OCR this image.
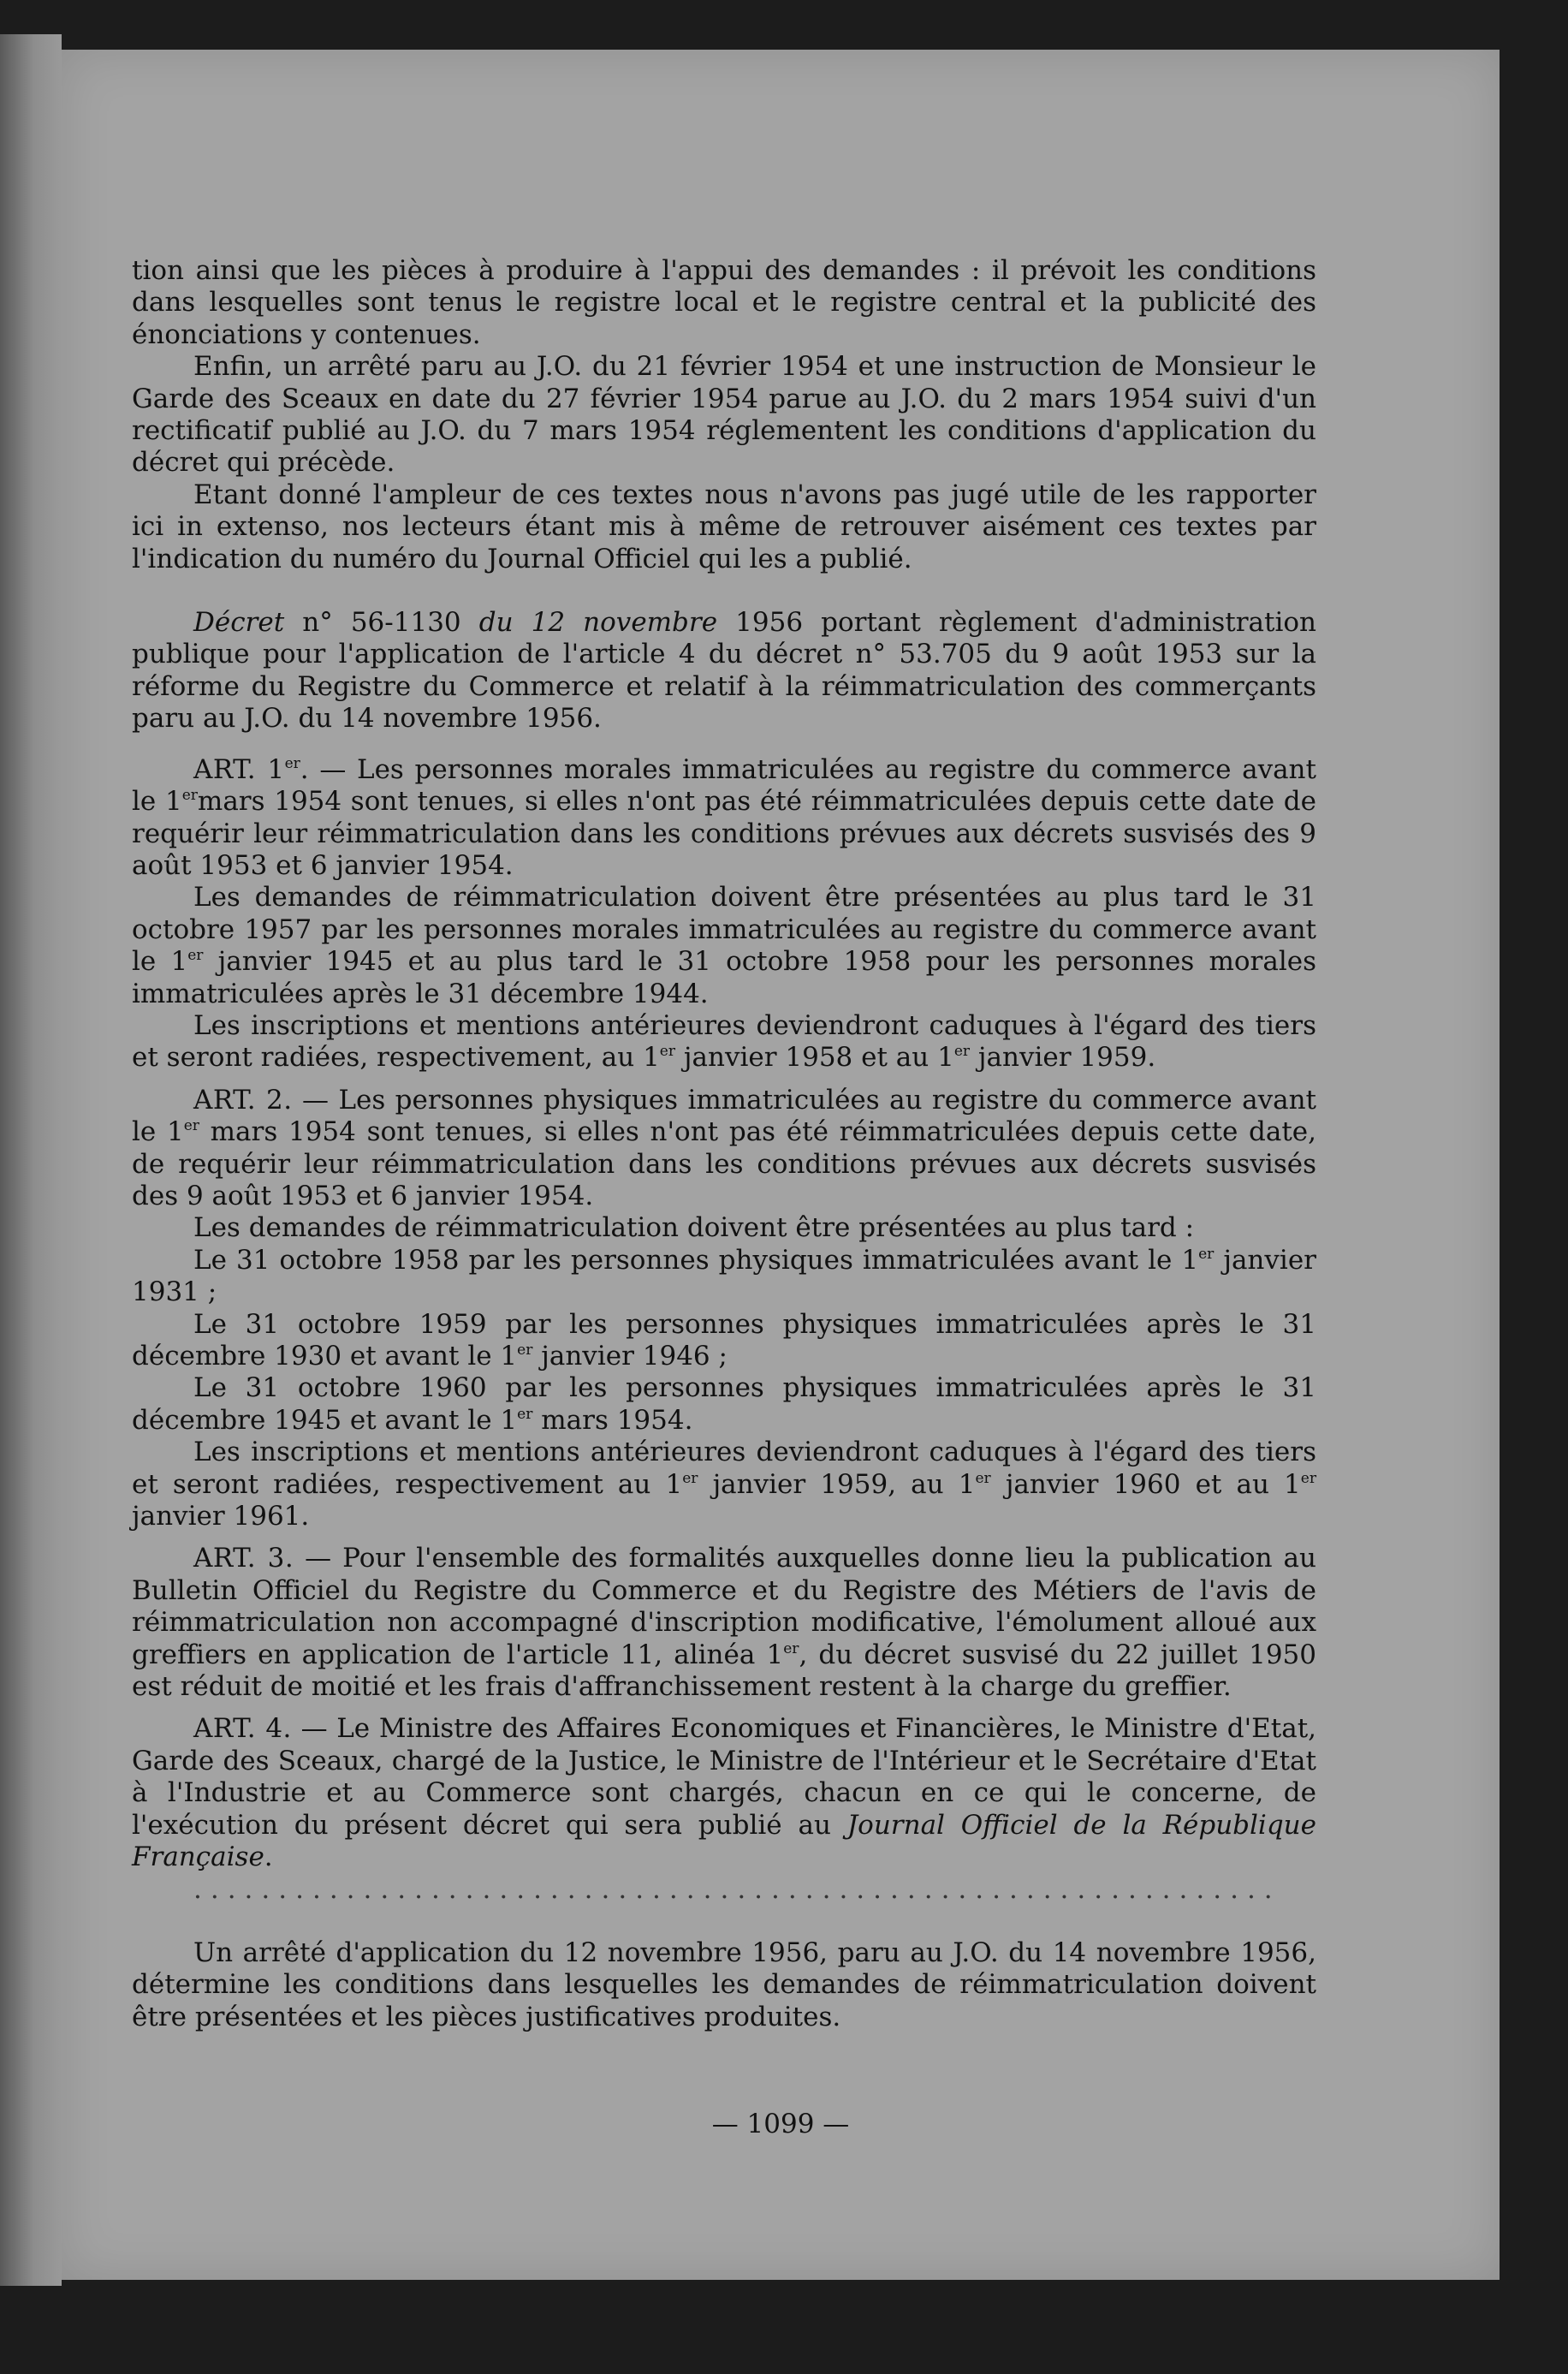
tion ainsi que les pièces à produire à l'appui des demandes : il prévoit les conditions dans lesquelles sont tenus le registre local et le registre central et la publicité des énonciations y contenues.

Enfin, un arrêté paru au J.O. du 21 février 1954 et une instruction de Monsieur le Garde des Sceaux en date du 27 février 1954 parue au J.O. du 2 mars 1954 suivi d'un rectificatif publié au J.O. du 7 mars 1954 réglementent les conditions d'application du décret qui précède.

Etant donné l'ampleur de ces textes nous n'avons pas jugé utile de les rapporter ici in extenso, nos lecteurs étant mis à même de retrouver aisément ces textes par l'indication du numéro du Journal Officiel qui les a publié.

Décret n° 56-1130 du 12 novembre 1956 portant règlement d'administration publique pour l'application de l'article 4 du décret n° 53.705 du 9 août 1953 sur la réforme du Registre du Commerce et relatif à la réimmatriculation des commerçants paru au J.O. du 14 novembre 1956.

ART. 1er. — Les personnes morales immatriculées au registre du commerce avant le 1ermars 1954 sont tenues, si elles n'ont pas été réimmatriculées depuis cette date de requérir leur réimmatriculation dans les conditions prévues aux décrets susvisés des 9 août 1953 et 6 janvier 1954.

Les demandes de réimmatriculation doivent être présentées au plus tard le 31 octobre 1957 par les personnes morales immatriculées au registre du commerce avant le 1er janvier 1945 et au plus tard le 31 octobre 1958 pour les personnes morales immatriculées après le 31 décembre 1944.

Les inscriptions et mentions antérieures deviendront caduques à l'égard des tiers et seront radiées, respectivement, au 1er janvier 1958 et au 1er janvier 1959.

ART. 2. — Les personnes physiques immatriculées au registre du commerce avant le 1er mars 1954 sont tenues, si elles n'ont pas été réimmatriculées depuis cette date, de requérir leur réimmatriculation dans les conditions prévues aux décrets susvisés des 9 août 1953 et 6 janvier 1954.

Les demandes de réimmatriculation doivent être présentées au plus tard :

Le 31 octobre 1958 par les personnes physiques immatriculées avant le 1er janvier 1931 ;

Le 31 octobre 1959 par les personnes physiques immatriculées après le 31 décembre 1930 et avant le 1er janvier 1946 ;

Le 31 octobre 1960 par les personnes physiques immatriculées après le 31 décembre 1945 et avant le 1er mars 1954.

Les inscriptions et mentions antérieures deviendront caduques à l'égard des tiers et seront radiées, respectivement au 1er janvier 1959, au 1er janvier 1960 et au 1er janvier 1961.

ART. 3. — Pour l'ensemble des formalités auxquelles donne lieu la publication au Bulletin Officiel du Registre du Commerce et du Registre des Métiers de l'avis de réimmatriculation non accompagné d'inscription modificative, l'émolument alloué aux greffiers en application de l'article 11, alinéa 1er, du décret susvisé du 22 juillet 1950 est réduit de moitié et les frais d'affranchissement restent à la charge du greffier.

ART. 4. — Le Ministre des Affaires Economiques et Financières, le Ministre d'Etat, Garde des Sceaux, chargé de la Justice, le Ministre de l'Intérieur et le Secrétaire d'Etat à l'Industrie et au Commerce sont chargés, chacun en ce qui le concerne, de l'exécution du présent décret qui sera publié au Journal Officiel de la République Française.

................................................................

Un arrêté d'application du 12 novembre 1956, paru au J.O. du 14 novembre 1956, détermine les conditions dans lesquelles les demandes de réimmatriculation doivent être présentées et les pièces justificatives produites.

— 1099 —
